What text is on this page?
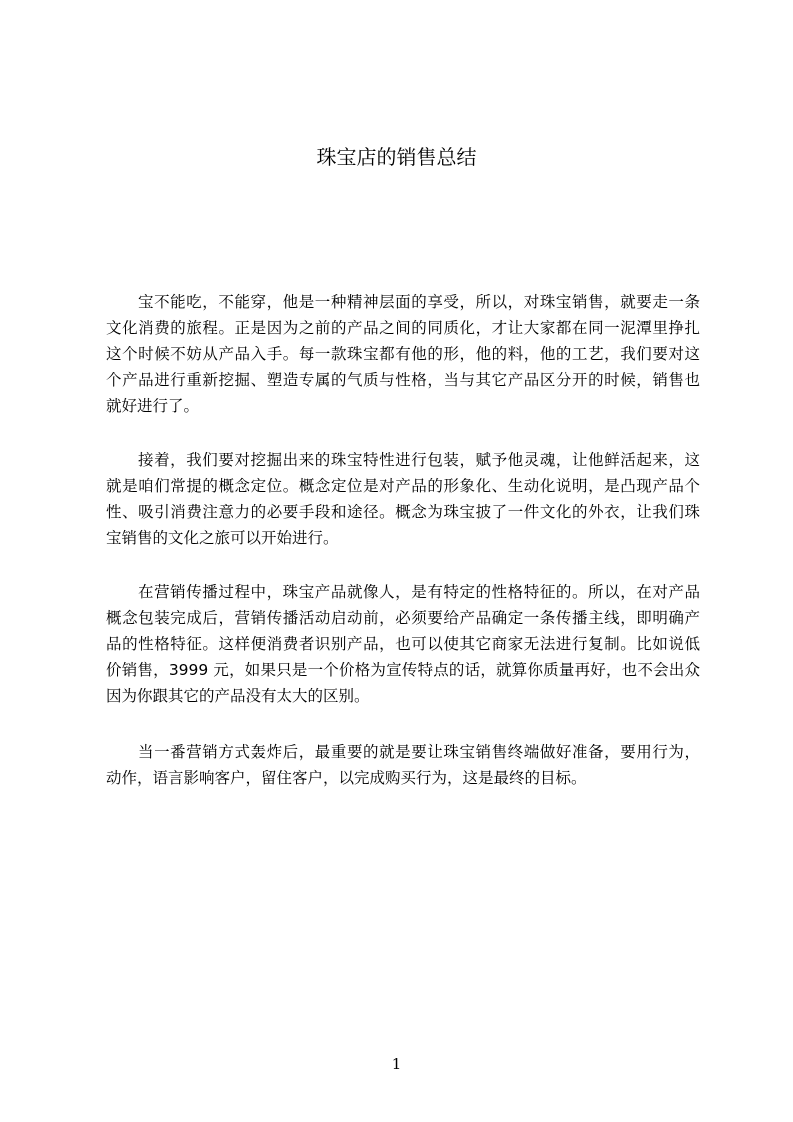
珠宝店的销售总结
宝不能吃，不能穿，他是一种精神层面的享受，所以，对珠宝销售，就要走一条
文化消费的旅程。正是因为之前的产品之间的同质化，才让大家都在同一泥潭里挣扎
这个时候不妨从产品入手。每一款珠宝都有他的形，他的料，他的工艺，我们要对这
个产品进行重新挖掘、塑造专属的气质与性格，当与其它产品区分开的时候，销售也
就好进行了。
接着，我们要对挖掘出来的珠宝特性进行包装，赋予他灵魂，让他鲜活起来，这
就是咱们常提的概念定位。概念定位是对产品的形象化、生动化说明，是凸现产品个
性、吸引消费注意力的必要手段和途径。概念为珠宝披了一件文化的外衣，让我们珠
宝销售的文化之旅可以开始进行。
在营销传播过程中，珠宝产品就像人，是有特定的性格特征的。所以，在对产品
概念包装完成后，营销传播活动启动前，必须要给产品确定一条传播主线，即明确产
品的性格特征。这样便消费者识别产品，也可以使其它商家无法进行复制。比如说低
价销售，3999 元，如果只是一个价格为宣传特点的话，就算你质量再好，也不会出众
因为你跟其它的产品没有太大的区别。
当一番营销方式轰炸后，最重要的就是要让珠宝销售终端做好准备，要用行为，
动作，语言影响客户，留住客户，以完成购买行为，这是最终的目标。
1
